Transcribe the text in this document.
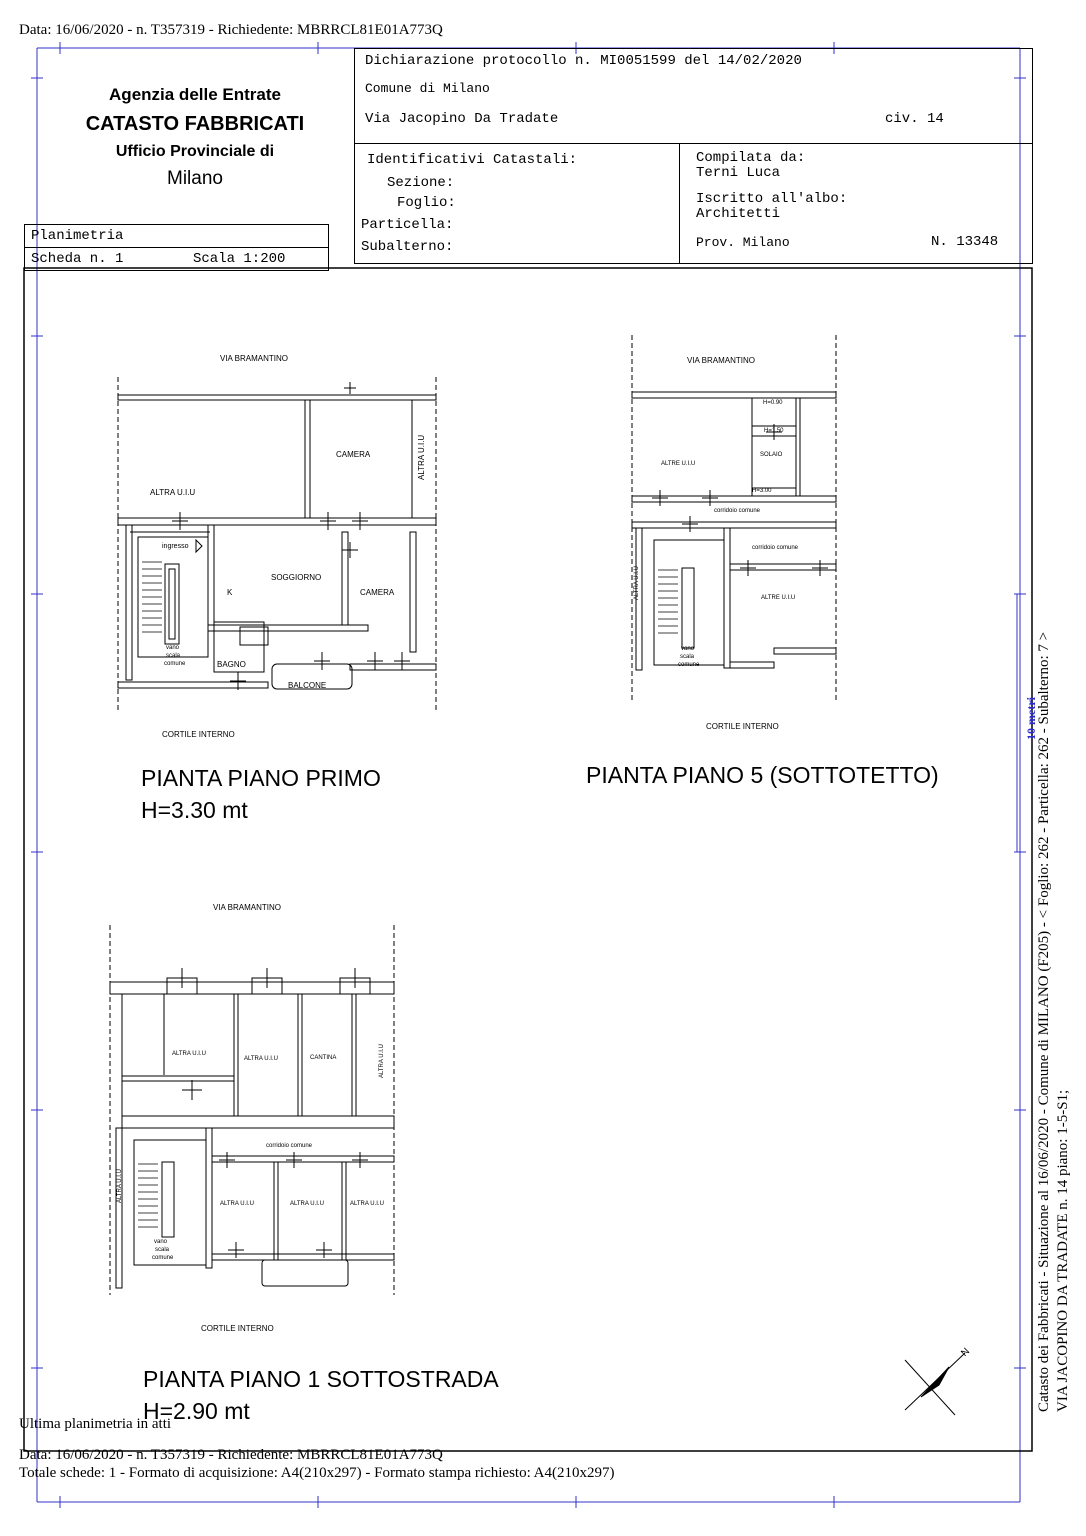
Data: 16/06/2020 - n. T357319 - Richiedente: MBRRCL81E01A773Q
Agenzia delle Entrate
CATASTO FABBRICATI
Ufficio Provinciale di
Milano
Planimetria
Scheda n. 1	Scala 1:200
Dichiarazione protocollo n. MI0051599 del 14/02/2020
Comune di Milano
Via Jacopino Da Tradate	civ. 14
Identificativi Catastali:
Sezione:
Foglio:
Particella:
Subalterno:
Compilata da:
Terni Luca
Iscritto all'albo:
Architetti
Prov. Milano	N. 13348
VIA BRAMANTINO
ALTRA U.I.U
CAMERA	ALTRA U.I.U
ingresso
SOGGIORNO
K	CAMERA
vano
scala
comune	BAGNO
BALCONE
CORTILE INTERNO
PIANTA PIANO PRIMO
H=3.30 mt
VIA BRAMANTINO
H=0.90
H=1.50
SOLAIO
ALTRE U.I.U
H=3.00
corridoio comune
corridoio comune
ALTRA U.I.U	ALTRE U.I.U
vano
scala
comune
CORTILE INTERNO
PIANTA PIANO 5 (SOTTOTETTO)
VIA BRAMANTINO
ALTRA U.I.U
ALTRA U.I.U	CANTINA	ALTRA U.I.U
corridoio comune
ALTRA U.I.U
ALTRA U.I.U	ALTRA U.I.U	ALTRA U.I.U
vano
scala
comune
CORTILE INTERNO
PIANTA PIANO 1 SOTTOSTRADA
H=2.90 mt
N
10 metri
Catasto dei Fabbricati - Situazione al 16/06/2020 - Comune di MILANO (F205) - < Foglio: 262 - Particella: 262 - Subalterno: 7 > VIA JACOPINO DA TRADATE n. 14 piano: 1-5-S1;
Ultima planimetria in atti
Data: 16/06/2020 - n. T357319 - Richiedente: MBRRCL81E01A773Q
Totale schede: 1 - Formato di acquisizione: A4(210x297) - Formato stampa richiesto: A4(210x297)
